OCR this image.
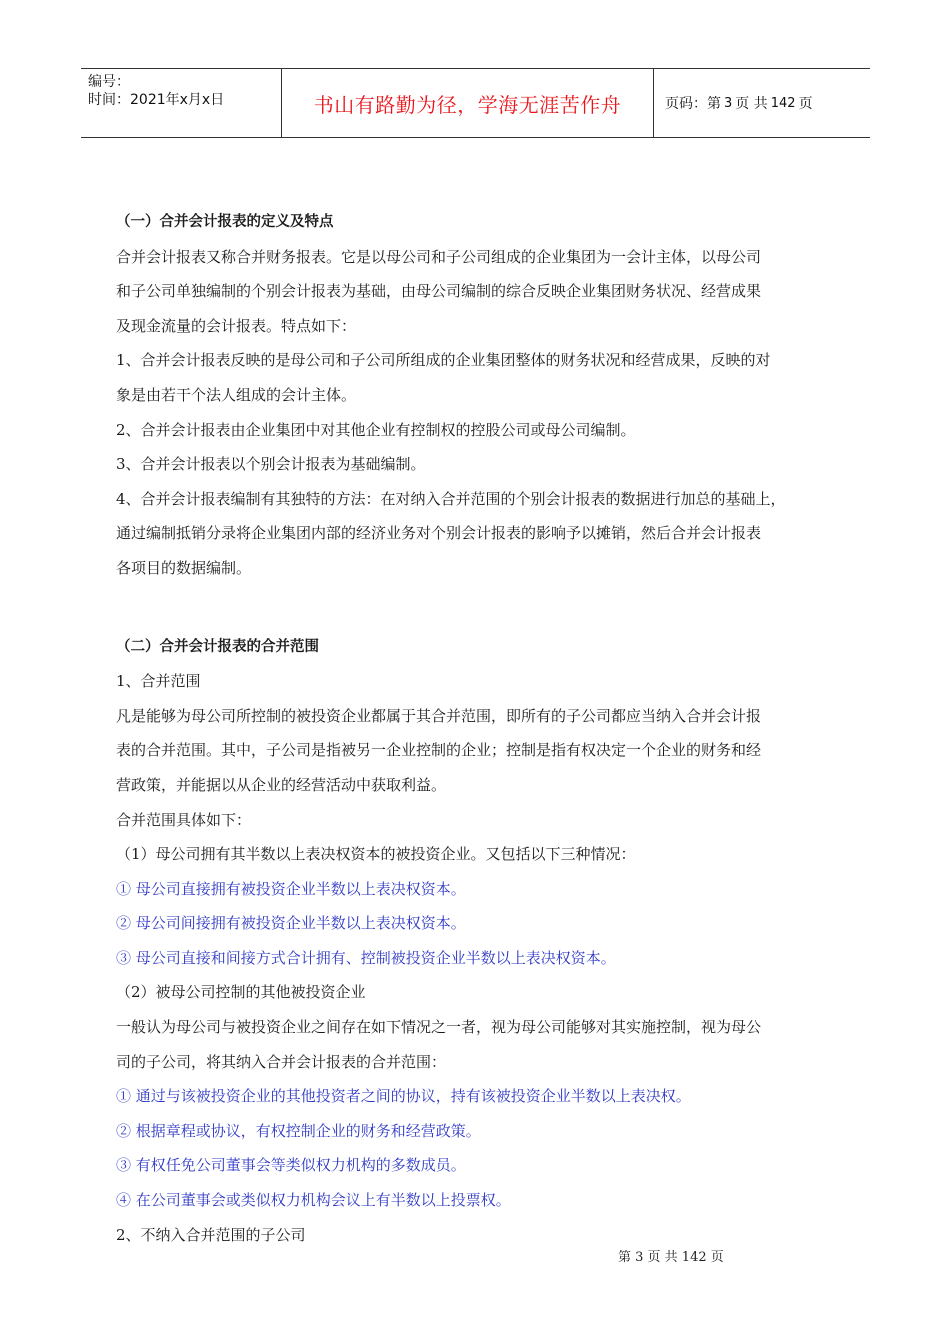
编号：
时间：2021年x月x日	书山有路勤为径，学海无涯苦作舟	页码：第 3 页 共 142 页
（一）合并会计报表的定义及特点
合并会计报表又称合并财务报表。它是以母公司和子公司组成的企业集团为一会计主体，以母公司
和子公司单独编制的个别会计报表为基础，由母公司编制的综合反映企业集团财务状况、经营成果
及现金流量的会计报表。特点如下：
1、合并会计报表反映的是母公司和子公司所组成的企业集团整体的财务状况和经营成果，反映的对
象是由若干个法人组成的会计主体。
2、合并会计报表由企业集团中对其他企业有控制权的控股公司或母公司编制。
3、合并会计报表以个别会计报表为基础编制。
4、合并会计报表编制有其独特的方法：在对纳入合并范围的个别会计报表的数据进行加总的基础上，
通过编制抵销分录将企业集团内部的经济业务对个别会计报表的影响予以摊销，然后合并会计报表
各项目的数据编制。
（二）合并会计报表的合并范围
1、合并范围
凡是能够为母公司所控制的被投资企业都属于其合并范围，即所有的子公司都应当纳入合并会计报
表的合并范围。其中，子公司是指被另一企业控制的企业；控制是指有权决定一个企业的财务和经
营政策，并能据以从企业的经营活动中获取利益。
合并范围具体如下：
（1）母公司拥有其半数以上表决权资本的被投资企业。又包括以下三种情况：
① 母公司直接拥有被投资企业半数以上表决权资本。
② 母公司间接拥有被投资企业半数以上表决权资本。
③ 母公司直接和间接方式合计拥有、控制被投资企业半数以上表决权资本。
（2）被母公司控制的其他被投资企业
一般认为母公司与被投资企业之间存在如下情况之一者，视为母公司能够对其实施控制，视为母公
司的子公司，将其纳入合并会计报表的合并范围：
① 通过与该被投资企业的其他投资者之间的协议，持有该被投资企业半数以上表决权。
② 根据章程或协议，有权控制企业的财务和经营政策。
③ 有权任免公司董事会等类似权力机构的多数成员。
④ 在公司董事会或类似权力机构会议上有半数以上投票权。
2、不纳入合并范围的子公司
第 3 页 共 142 页
